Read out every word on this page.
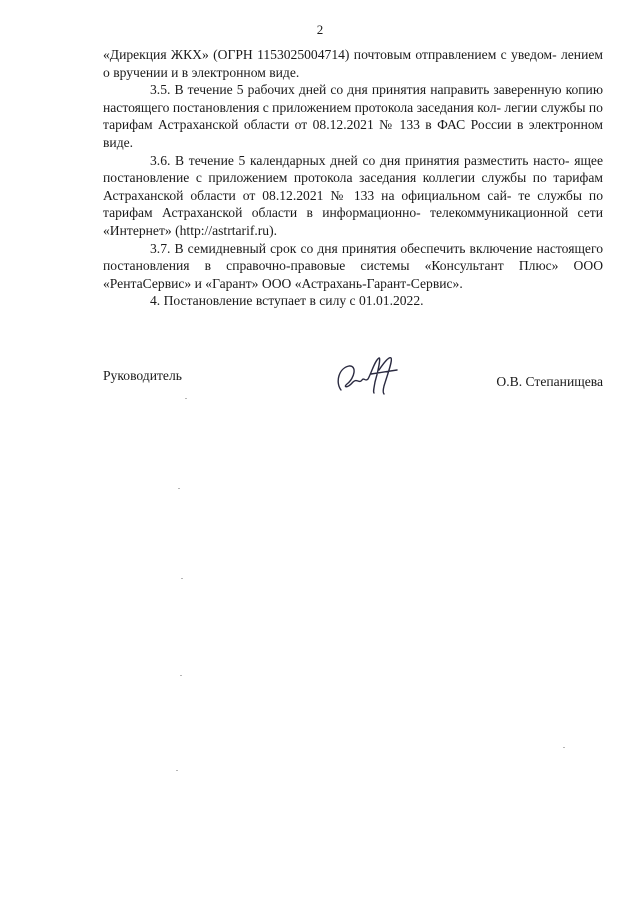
2

«Дирекция ЖКХ» (ОГРН 1153025004714) почтовым отправлением с уведом- лением о вручении и в электронном виде.

3.5. В течение 5 рабочих дней со дня принятия направить заверенную копию настоящего постановления с приложением протокола заседания кол- легии службы по тарифам Астраханской области от 08.12.2021 № 133 в ФАС России в электронном виде.

3.6. В течение 5 календарных дней со дня принятия разместить насто- ящее постановление с приложением протокола заседания коллегии службы по тарифам Астраханской области от 08.12.2021 № 133 на официальном сай- те службы по тарифам Астраханской области в информационно- телекоммуникационной сети «Интернет» (http://astrtarif.ru).

3.7. В семидневный срок со дня принятия обеспечить включение настоящего постановления в справочно-правовые системы «Консультант Плюс» ООО «РентаСервис» и «Гарант» ООО «Астрахань-Гарант-Сервис».

4. Постановление вступает в силу с 01.01.2022.

Руководитель	О.В. Степанищева
